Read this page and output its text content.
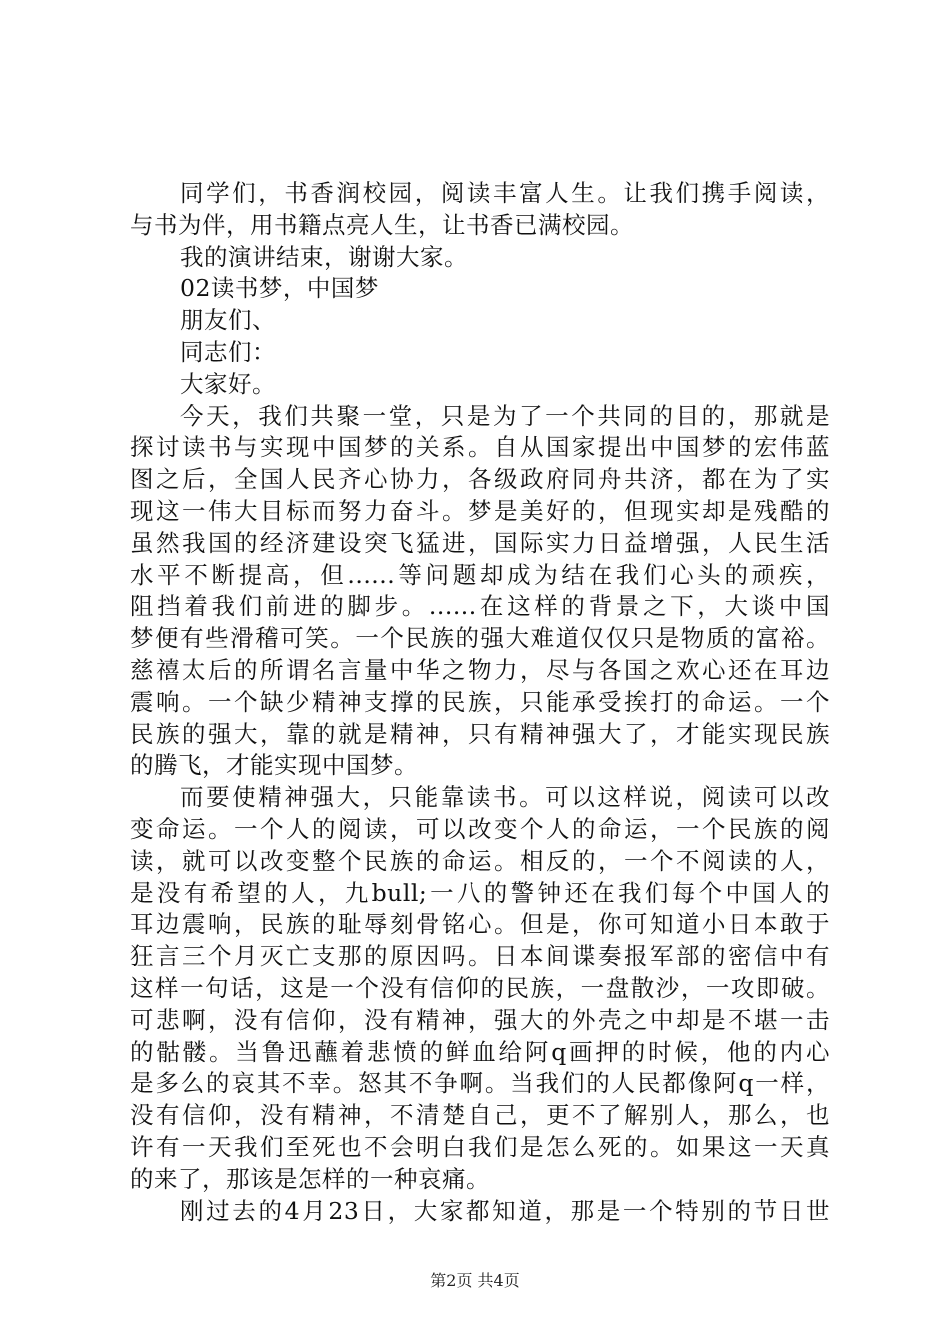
同学们，书香润校园，阅读丰富人生。让我们携手阅读，
与书为伴，用书籍点亮人生，让书香已满校园。
我的演讲结束，谢谢大家。
02读书梦，中国梦
朋友们、
同志们：
大家好。
今天，我们共聚一堂，只是为了一个共同的目的，那就是
探讨读书与实现中国梦的关系。自从国家提出中国梦的宏伟蓝
图之后，全国人民齐心协力，各级政府同舟共济，都在为了实
现这一伟大目标而努力奋斗。梦是美好的，但现实却是残酷的
虽然我国的经济建设突飞猛进，国际实力日益增强，人民生活
水平不断提高，但......等问题却成为结在我们心头的顽疾，
阻挡着我们前进的脚步。......在这样的背景之下，大谈中国
梦便有些滑稽可笑。一个民族的强大难道仅仅只是物质的富裕。
慈禧太后的所谓名言量中华之物力，尽与各国之欢心还在耳边
震响。一个缺少精神支撑的民族，只能承受挨打的命运。一个
民族的强大，靠的就是精神，只有精神强大了，才能实现民族
的腾飞，才能实现中国梦。
而要使精神强大，只能靠读书。可以这样说，阅读可以改
变命运。一个人的阅读，可以改变个人的命运，一个民族的阅
读，就可以改变整个民族的命运。相反的，一个不阅读的人，
是没有希望的人，九bull;一八的警钟还在我们每个中国人的
耳边震响，民族的耻辱刻骨铭心。但是，你可知道小日本敢于
狂言三个月灭亡支那的原因吗。日本间谍奏报军部的密信中有
这样一句话，这是一个没有信仰的民族，一盘散沙，一攻即破。
可悲啊，没有信仰，没有精神，强大的外壳之中却是不堪一击
的骷髅。当鲁迅蘸着悲愤的鲜血给阿q画押的时候，他的内心
是多么的哀其不幸。怒其不争啊。当我们的人民都像阿q一样，
没有信仰，没有精神，不清楚自己，更不了解别人，那么，也
许有一天我们至死也不会明白我们是怎么死的。如果这一天真
的来了，那该是怎样的一种哀痛。
刚过去的4月23日，大家都知道，那是一个特别的节日世
第2页 共4页
